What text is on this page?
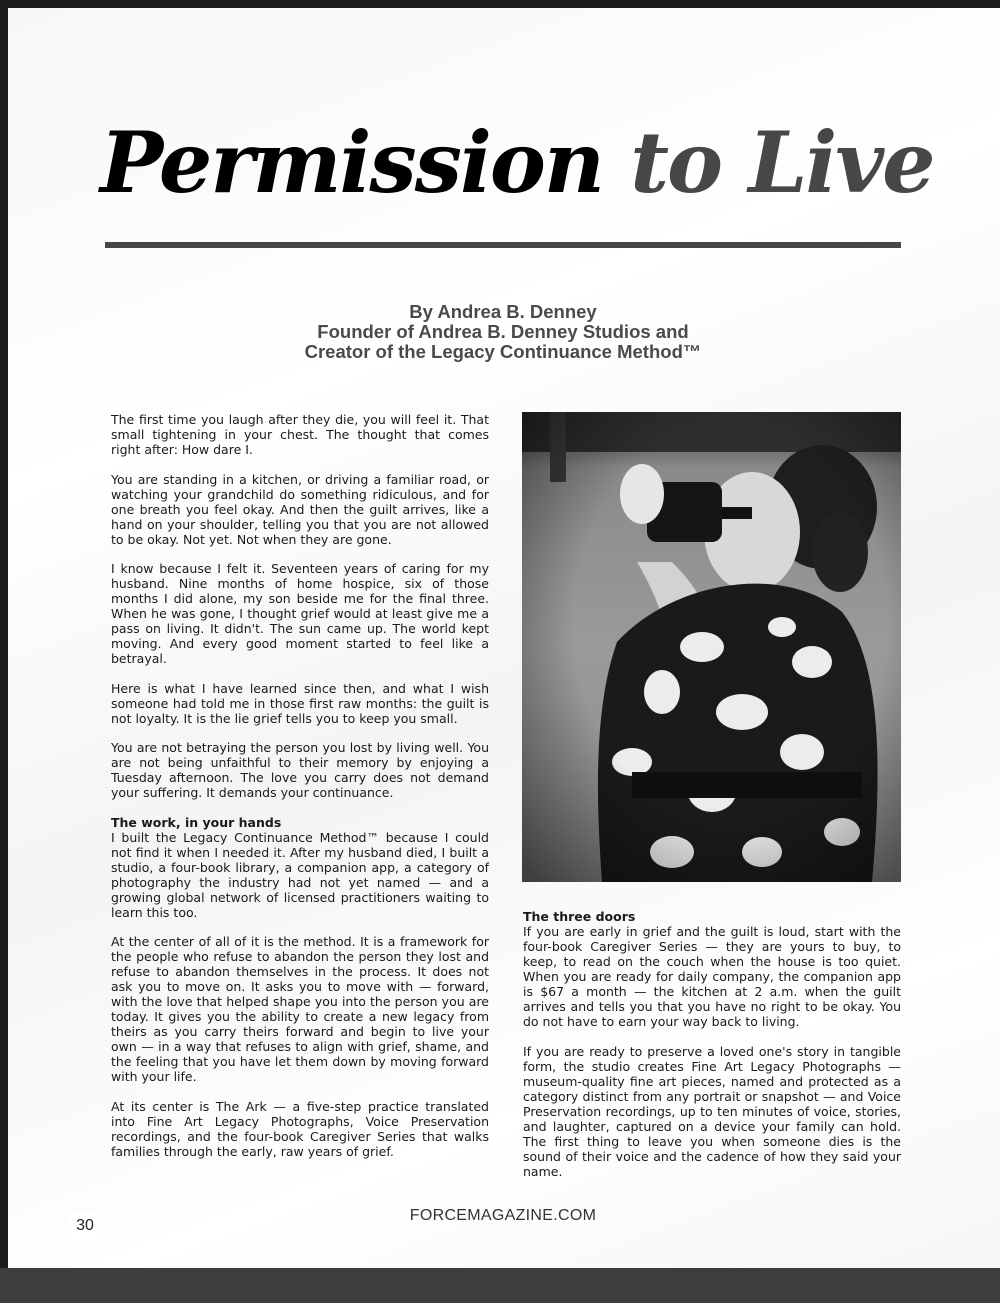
Permission to Live
By Andrea B. Denney
Founder of Andrea B. Denney Studios and
Creator of the Legacy Continuance Method™

The first time you laugh after they die, you will feel it. That small tightening in your chest. The thought that comes right after: How dare I.

You are standing in a kitchen, or driving a familiar road, or watching your grandchild do something ridiculous, and for one breath you feel okay. And then the guilt arrives, like a hand on your shoulder, telling you that you are not allowed to be okay. Not yet. Not when they are gone.

I know because I felt it. Seventeen years of caring for my husband. Nine months of home hospice, six of those months I did alone, my son beside me for the final three. When he was gone, I thought grief would at least give me a pass on living. It didn't. The sun came up. The world kept moving. And every good moment started to feel like a betrayal.

Here is what I have learned since then, and what I wish someone had told me in those first raw months: the guilt is not loyalty. It is the lie grief tells you to keep you small.

You are not betraying the person you lost by living well. You are not being unfaithful to their memory by enjoying a Tuesday afternoon. The love you carry does not demand your suffering. It demands your continuance.

The work, in your hands
I built the Legacy Continuance Method™ because I could not find it when I needed it. After my husband died, I built a studio, a four-book library, a companion app, a category of photography the industry had not yet named — and a growing global network of licensed practitioners waiting to learn this too.

At the center of all of it is the method. It is a framework for the people who refuse to abandon the person they lost and refuse to abandon themselves in the process. It does not ask you to move on. It asks you to move with — forward, with the love that helped shape you into the person you are today. It gives you the ability to create a new legacy from theirs as you carry theirs forward and begin to live your own — in a way that refuses to align with grief, shame, and the feeling that you have let them down by moving forward with your life.

At its center is The Ark — a five-step practice translated into Fine Art Legacy Photographs, Voice Preservation recordings, and the four-book Caregiver Series that walks families through the early, raw years of grief.

The three doors
If you are early in grief and the guilt is loud, start with the four-book Caregiver Series — they are yours to buy, to keep, to read on the couch when the house is too quiet. When you are ready for daily company, the companion app is $67 a month — the kitchen at 2 a.m. when the guilt arrives and tells you that you have no right to be okay. You do not have to earn your way back to living.

If you are ready to preserve a loved one's story in tangible form, the studio creates Fine Art Legacy Photographs — museum-quality fine art pieces, named and protected as a category distinct from any portrait or snapshot — and Voice Preservation recordings, up to ten minutes of voice, stories, and laughter, captured on a device your family can hold. The first thing to leave you when someone dies is the sound of their voice and the cadence of how they said your name.

FORCEMAGAZINE.COM
30
